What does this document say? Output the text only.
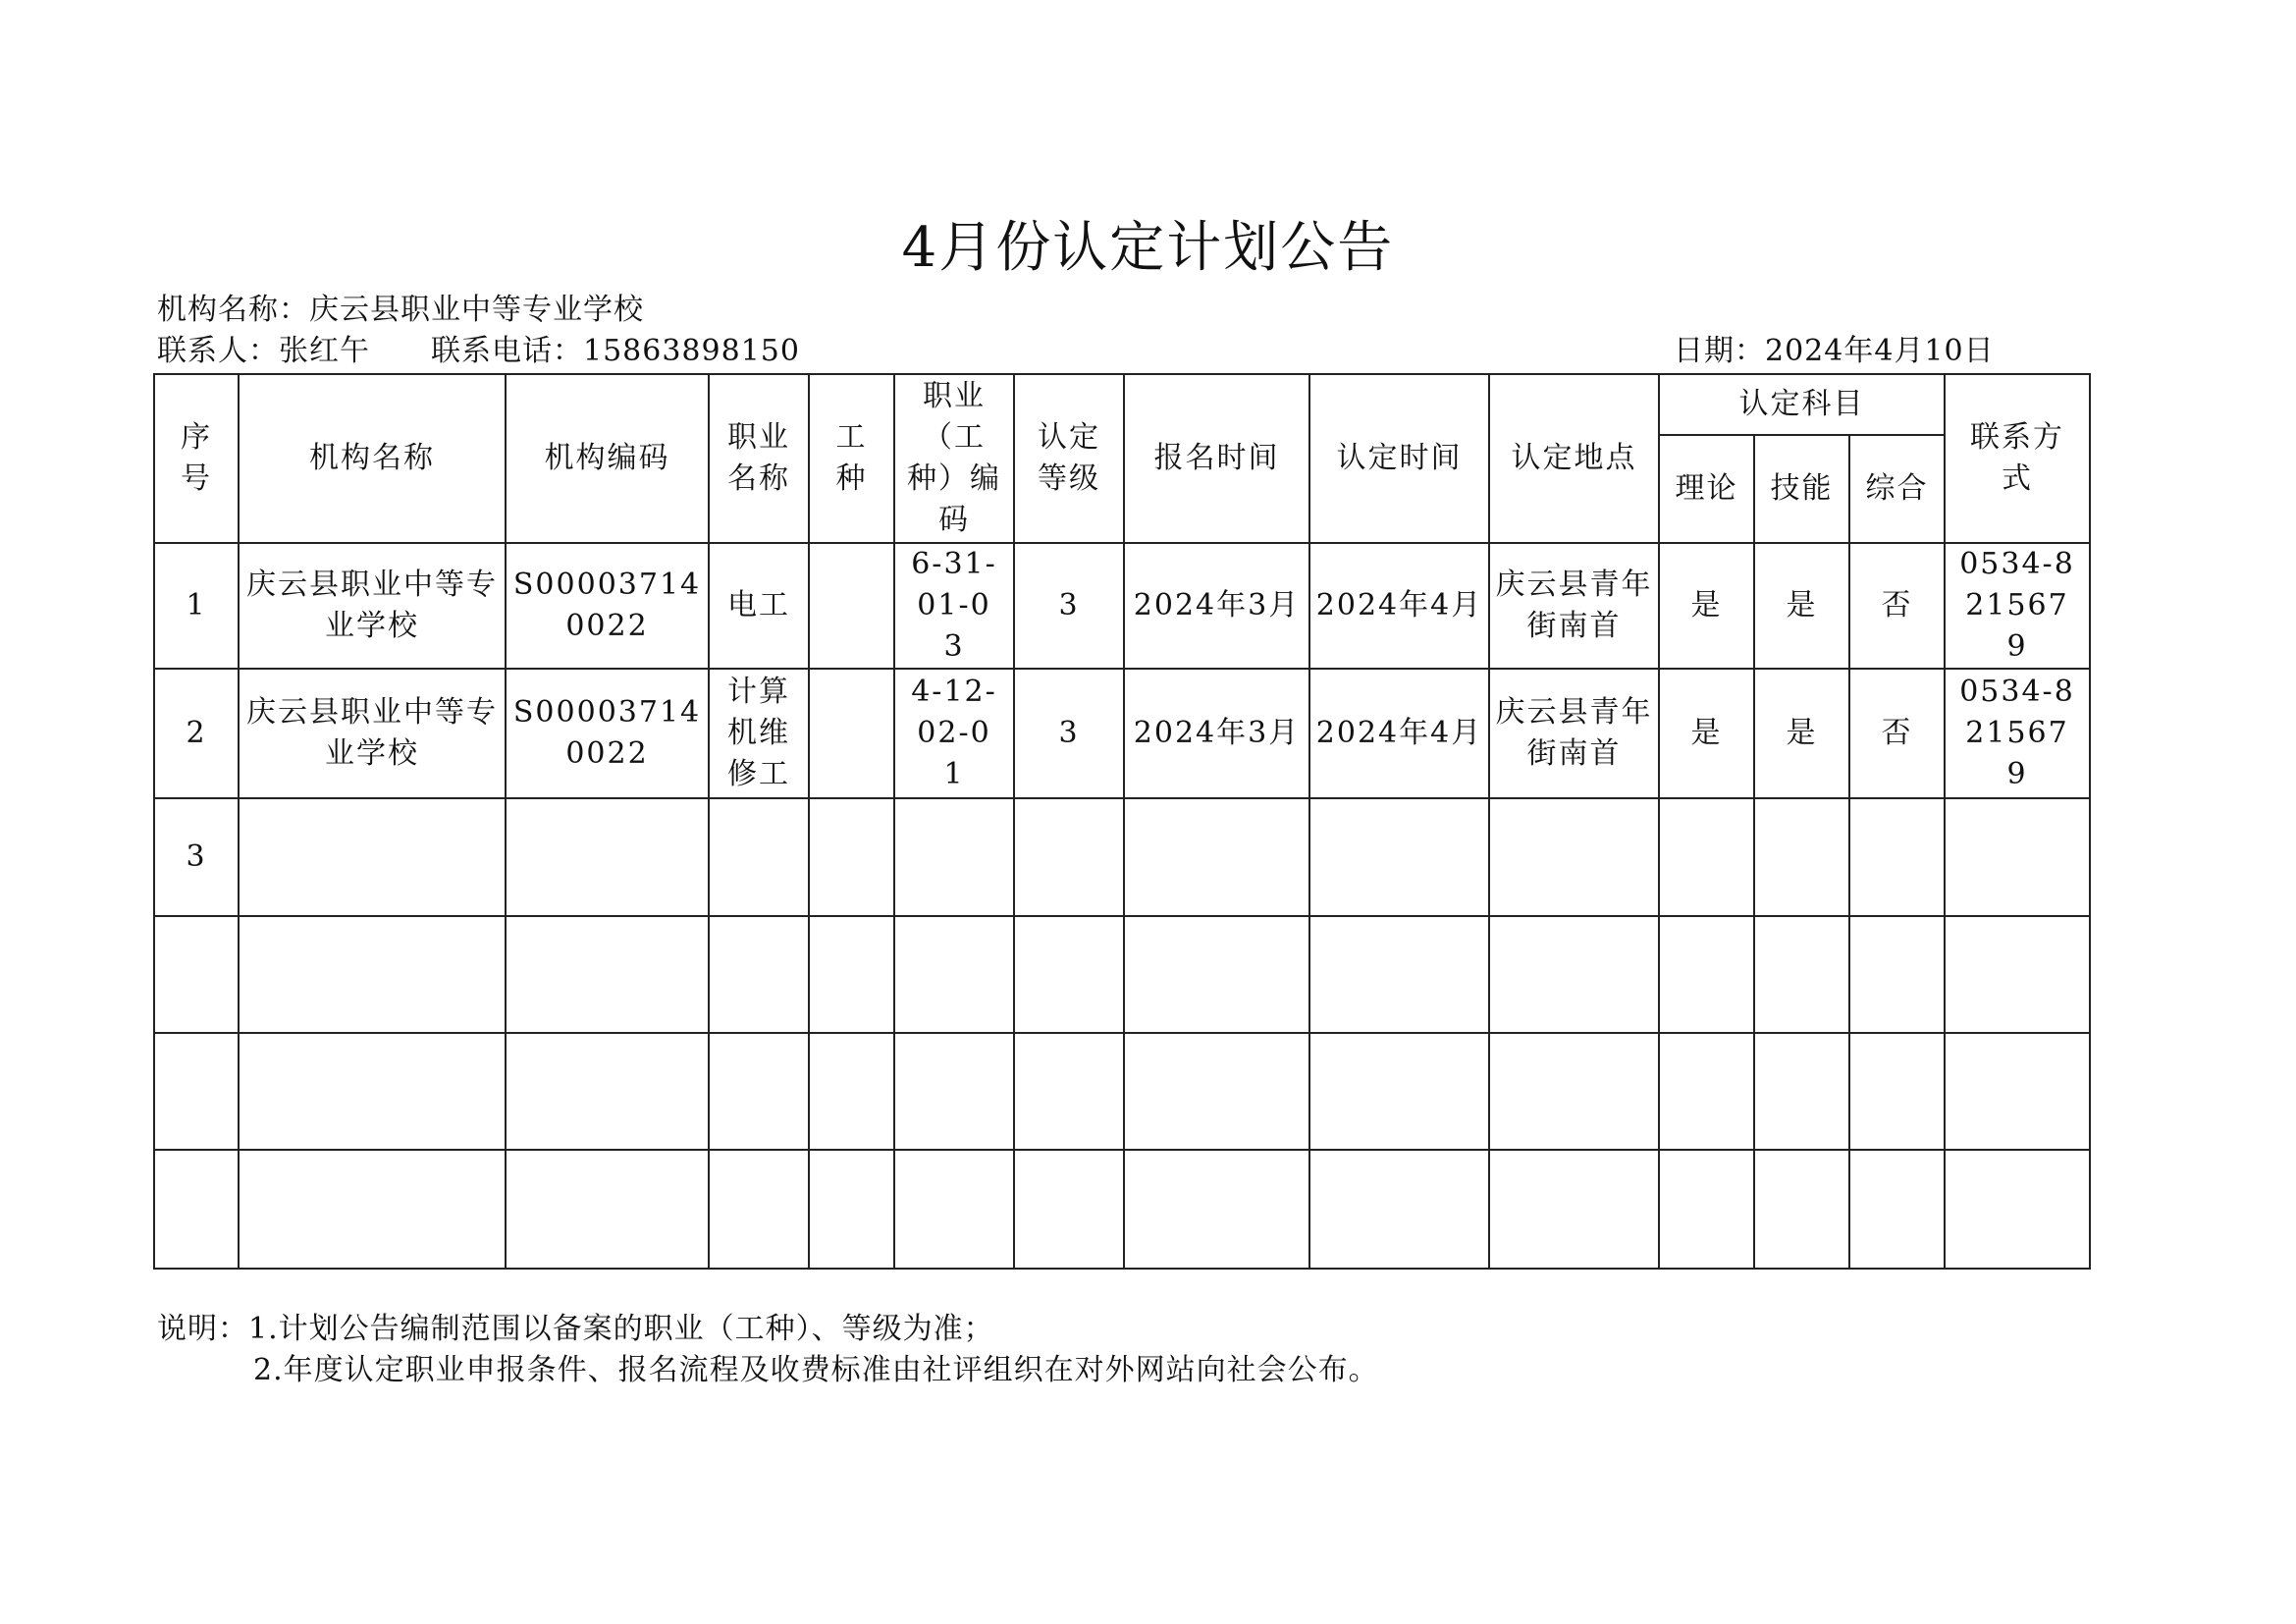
4月份认定计划公告
机构名称：庆云县职业中等专业学校
联系人：张红午　　联系电话：15863898150	日期：2024年4月10日
序号	机构名称	机构编码	职业名称	工种	职业（工种）编码	认定等级	报名时间	认定时间	认定地点	认定科目			联系方式
										理论	技能	综合	
1	庆云县职业中等专业学校	S000037140022	电工		6-31-01-03	3	2024年3月	2024年4月	庆云县青年街南首	是	是	否	0534-8215679
2	庆云县职业中等专业学校	S000037140022	计算机维修工		4-12-02-01	3	2024年3月	2024年4月	庆云县青年街南首	是	是	否	0534-8215679
3													

说明：1.计划公告编制范围以备案的职业（工种）、等级为准；
2.年度认定职业申报条件、报名流程及收费标准由社评组织在对外网站向社会公布。
